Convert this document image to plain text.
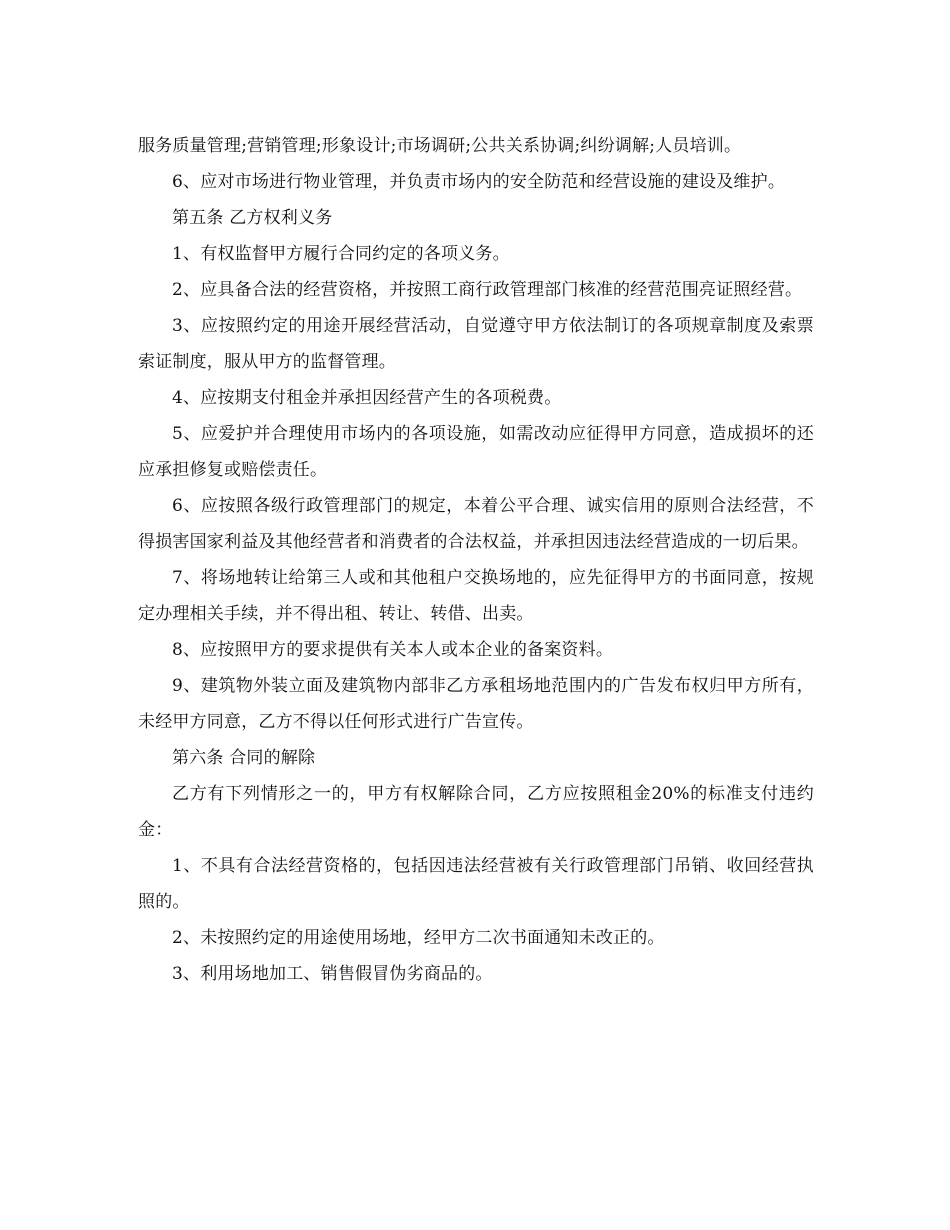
服务质量管理;营销管理;形象设计;市场调研;公共关系协调;纠纷调解;人员培训。

6、应对市场进行物业管理，并负责市场内的安全防范和经营设施的建设及维护。

第五条 乙方权利义务

1、有权监督甲方履行合同约定的各项义务。

2、应具备合法的经营资格，并按照工商行政管理部门核准的经营范围亮证照经营。

3、应按照约定的用途开展经营活动，自觉遵守甲方依法制订的各项规章制度及索票索证制度，服从甲方的监督管理。

4、应按期支付租金并承担因经营产生的各项税费。

5、应爱护并合理使用市场内的各项设施，如需改动应征得甲方同意，造成损坏的还应承担修复或赔偿责任。

6、应按照各级行政管理部门的规定，本着公平合理、诚实信用的原则合法经营，不得损害国家利益及其他经营者和消费者的合法权益，并承担因违法经营造成的一切后果。

7、将场地转让给第三人或和其他租户交换场地的，应先征得甲方的书面同意，按规定办理相关手续，并不得出租、转让、转借、出卖。

8、应按照甲方的要求提供有关本人或本企业的备案资料。

9、建筑物外装立面及建筑物内部非乙方承租场地范围内的广告发布权归甲方所有，未经甲方同意，乙方不得以任何形式进行广告宣传。

第六条 合同的解除

乙方有下列情形之一的，甲方有权解除合同，乙方应按照租金20%的标准支付违约金：

1、不具有合法经营资格的，包括因违法经营被有关行政管理部门吊销、收回经营执照的。

2、未按照约定的用途使用场地，经甲方二次书面通知未改正的。

3、利用场地加工、销售假冒伪劣商品的。
